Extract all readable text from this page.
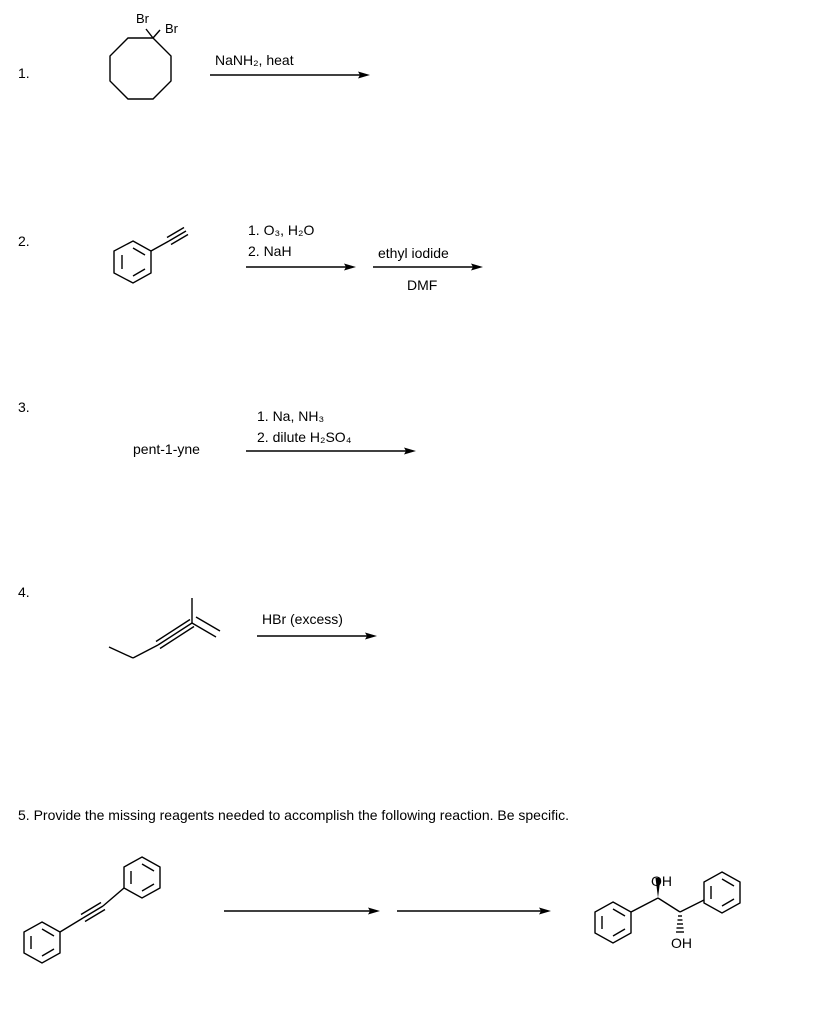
1.
Br
Br
NaNH₂, heat
2.
1. O₃, H₂O
2. NaH	ethyl iodide
DMF
3.
pent-1-yne
1. Na, NH₃
2. dilute H₂SO₄
4.
HBr (excess)
5. Provide the missing reagents needed to accomplish the following reaction. Be specific.
OH
OH
